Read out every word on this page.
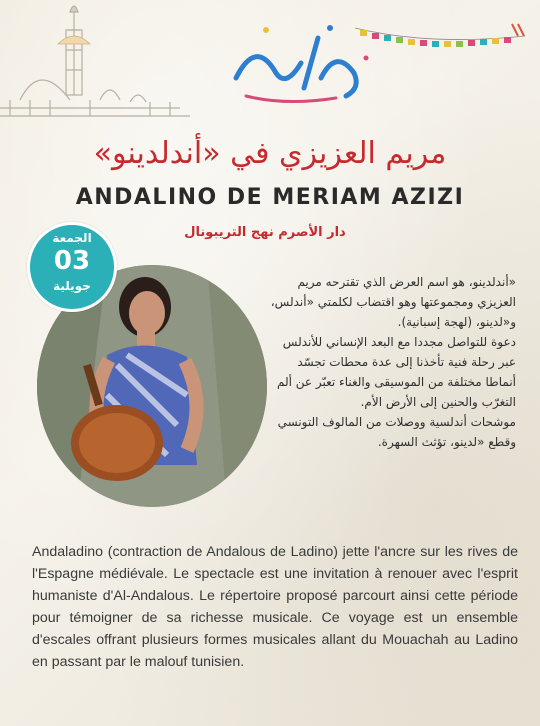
مريم العزيزي في «أندلدينو»
ANDALINO DE MERIAM AZIZI
دار الأصرم نهج التريبونال
الجمعة
03
جويلية	«أندلدينو، هو اسم العرض الذي تقترحه مريم العزيزي ومجموعتها وهو اقتضاب لكلمتي «أندلس، و«لدينو، (لهجة إسبانية).

دعوة للتواصل مجددا مع البعد الإنساني للأندلس عبر رحلة فنية تأخذنا إلى عدة محطات تجسّد أنماطا مختلفة من الموسيقى والغناء تعبّر عن ألم التغرّب والحنين إلى الأرض الأم.

موشحات أندلسية ووصلات من المالوف التونسي وقطع «لدينو، تؤثث السهرة.

Andaladino (contraction de Andalous de Ladino) jette l'ancre sur les rives de l'Espagne médiévale. Le spectacle est une invitation à renouer avec l'esprit humaniste d'Al-Andalous. Le répertoire proposé parcourt ainsi cette période pour témoigner de sa richesse musicale. Ce voyage est un ensemble d'escales offrant plusieurs formes musicales allant du Mouachah au Ladino en passant par le malouf tunisien.
